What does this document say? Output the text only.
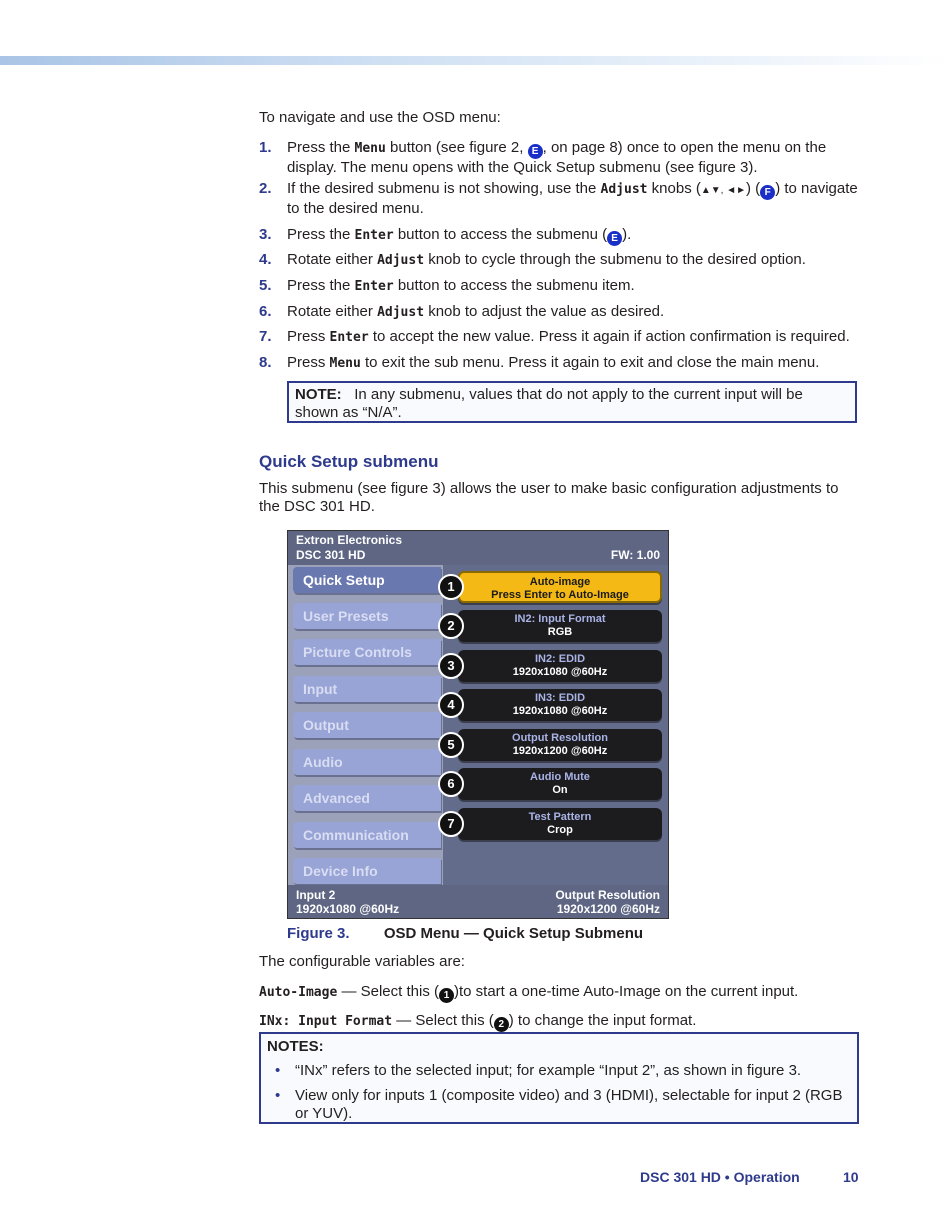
To navigate and use the OSD menu:

1. Press the Menu button (see figure 2, E , on page 8) once to open the menu on the display. The menu opens with the Quick Setup submenu (see figure 3).
2. If the desired submenu is not showing, use the Adjust knobs (▲▼, ◄►) ( F ) to navigate to the desired menu.
3. Press the Enter button to access the submenu ( E ).
4. Rotate either Adjust knob to cycle through the submenu to the desired option.
5. Press the Enter button to access the submenu item.
6. Rotate either Adjust knob to adjust the value as desired.
7. Press Enter to accept the new value. Press it again if action confirmation is required.
8. Press Menu to exit the sub menu. Press it again to exit and close the main menu.
NOTE: In any submenu, values that do not apply to the current input will be shown as “N/A”.
Quick Setup submenu

This submenu (see figure 3) allows the user to make basic configuration adjustments to the DSC 301 HD.

Extron Electronics
DSC 301 HD	FW: 1.00
Quick Setup
User Presets
Picture Controls
Input
Output
Audio
Advanced
Communication
Device Info
1	Auto-image
Press Enter to Auto-Image
2	IN2: Input Format
RGB
3	IN2: EDID
1920x1080 @60Hz
4	IN3: EDID
1920x1080 @60Hz
5	Output Resolution
1920x1200 @60Hz
6	Audio Mute
On
7	Test Pattern
Crop
Input 2
1920x1080 @60Hz
Output Resolution
1920x1200 @60Hz
Figure 3. OSD Menu — Quick Setup Submenu

The configurable variables are:

Auto-Image — Select this ( 1 )to start a one-time Auto-Image on the current input.

INx: Input Format — Select this ( 2 ) to change the input format.

NOTES:
• “INx” refers to the selected input; for example “Input 2”, as shown in figure 3.
• View only for inputs 1 (composite video) and 3 (HDMI), selectable for input 2 (RGB or YUV).
DSC 301 HD • Operation	10
